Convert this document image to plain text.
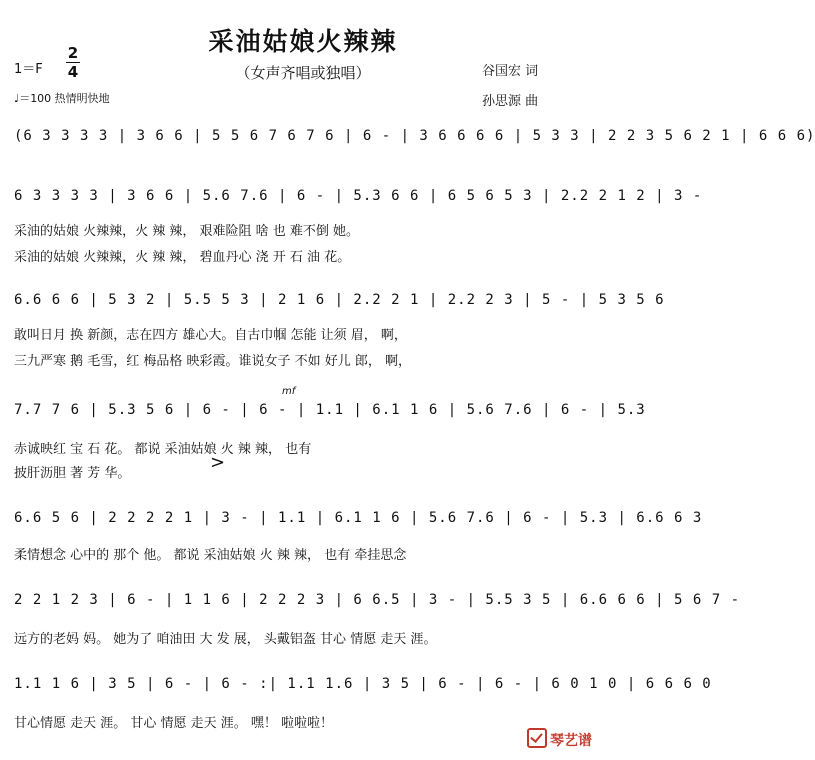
采油姑娘火辣辣
（女声齐唱或独唱）
1＝F
2
4
♩＝100 热情明快地
谷国宏 词
孙思源 曲
(6 3 3 3 3 | 3 6 6 | 5 5 6 7 6 7 6 | 6 - | 3 6 6 6 6 | 5 3 3 | 2 2 3 5 6 2 1 | 6 6 6)
6 3 3 3 3 | 3 6 6 | 5.6 7.6 | 6 - | 5.3 6 6 | 6 5 6 5 3 | 2.2 2 1 2 | 3 -
采油的姑娘 火辣辣，火 辣 辣， 艰难险阻 啥 也 难不倒 她。
采油的姑娘 火辣辣，火 辣 辣， 碧血丹心 浇 开 石 油 花。
6.6 6 6 | 5 3 2 | 5.5 5 3 | 2 1 6 | 2.2 2 1 | 2.2 2 3 | 5 - | 5 3 5 6
敢叫日月 换 新颜，志在四方 雄心大。自古巾帼 怎能 让须 眉， 啊，
三九严寒 鹅 毛雪，红 梅品格 映彩霞。谁说女子 不如 好儿 郎， 啊，
mf
7.7 7 6 | 5.3 5 6 | 6 - | 6 - | 1.1 | 6.1 1 6 | 5.6 7.6 | 6 - | 5.3
赤诚映红 宝 石 花。 都说 采油姑娘 火 辣 辣， 也有
披肝沥胆 著 芳 华。
>
6.6 5 6 | 2 2 2 2 1 | 3 - | 1.1 | 6.1 1 6 | 5.6 7.6 | 6 - | 5.3 | 6.6 6 3
柔情想念 心中的 那个 他。 都说 采油姑娘 火 辣 辣， 也有 牵挂思念
2 2 1 2 3 | 6 - | 1 1 6 | 2 2 2 3 | 6 6.5 | 3 - | 5.5 3 5 | 6.6 6 6 | 5 6 7 -
远方的老妈 妈。 她为了 咱油田 大 发 展， 头戴铝盔 甘心 情愿 走天 涯。
1.1 1 6 | 3 5 | 6 - | 6 - :| 1.1 1.6 | 3 5 | 6 - | 6 - | 6 0 1 0 | 6 6 6 0
甘心情愿 走天 涯。 甘心 情愿 走天 涯。 嘿！ 啦啦啦！
琴艺谱
